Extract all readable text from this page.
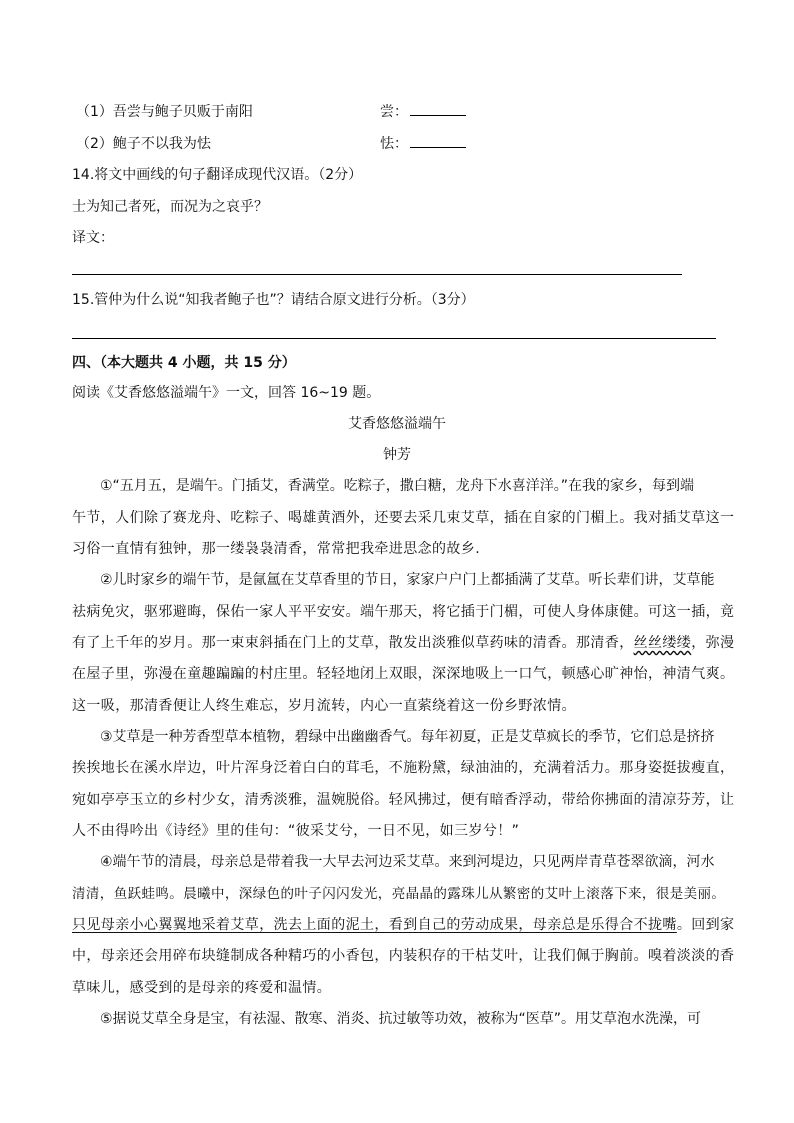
（1）吾尝与鲍子贝贩于南阳	尝：
（2）鲍子不以我为怯	怯：
14.将文中画线的句子翻译成现代汉语。（2分）
士为知己者死，而况为之哀乎？
译文：
15.管仲为什么说“知我者鲍子也”？请结合原文进行分析。（3分）
四、（本大题共 4 小题，共 15 分）
阅读《艾香悠悠溢端午》一文，回答 16~19 题。
艾香悠悠溢端午
钟芳
①“五月五，是端午。门插艾，香满堂。吃粽子，撒白糖，龙舟下水喜洋洋。”在我的家乡，每到端
午节，人们除了赛龙舟、吃粽子、喝雄黄酒外，还要去采几束艾草，插在自家的门楣上。我对插艾草这一
习俗一直情有独钟，那一缕袅袅清香，常常把我牵进思念的故乡.
②儿时家乡的端午节，是氤氲在艾草香里的节日，家家户户门上都插满了艾草。听长辈们讲，艾草能
祛病免灾，驱邪避晦，保佑一家人平平安安。端午那天，将它插于门楣，可使人身体康健。可这一插，竟
有了上千年的岁月。那一束束斜插在门上的艾草，散发出淡雅似草药味的清香。那清香，丝丝缕缕，弥漫
在屋子里，弥漫在童趣蹁蹁的村庄里。轻轻地闭上双眼，深深地吸上一口气，顿感心旷神怡，神清气爽。
这一吸，那清香便让人终生难忘，岁月流转，内心一直萦绕着这一份乡野浓情。
③艾草是一种芳香型草本植物，碧绿中出幽幽香气。每年初夏，正是艾草疯长的季节，它们总是挤挤
挨挨地长在溪水岸边，叶片浑身泛着白白的茸毛，不施粉黛，绿油油的，充满着活力。那身姿挺拔瘦直，
宛如亭亭玉立的乡村少女，清秀淡雅，温婉脱俗。轻风拂过，便有暗香浮动，带给你拂面的清凉芬芳，让
人不由得吟出《诗经》里的佳句：“彼采艾兮，一日不见，如三岁兮！”
④端午节的清晨，母亲总是带着我一大早去河边采艾草。来到河堤边，只见两岸青草苍翠欲滴，河水
清清，鱼跃蛙鸣。晨曦中，深绿色的叶子闪闪发光，亮晶晶的露珠儿从繁密的艾叶上滚落下来，很是美丽。
只见母亲小心翼翼地采着艾草，洗去上面的泥土，看到自己的劳动成果，母亲总是乐得合不拢嘴。回到家
中，母亲还会用碎布块缝制成各种精巧的小香包，内装积存的干枯艾叶，让我们佩于胸前。嗅着淡淡的香
草味儿，感受到的是母亲的疼爱和温情。
⑤据说艾草全身是宝，有祛湿、散寒、消炎、抗过敏等功效，被称为“医草”。用艾草泡水洗澡，可
